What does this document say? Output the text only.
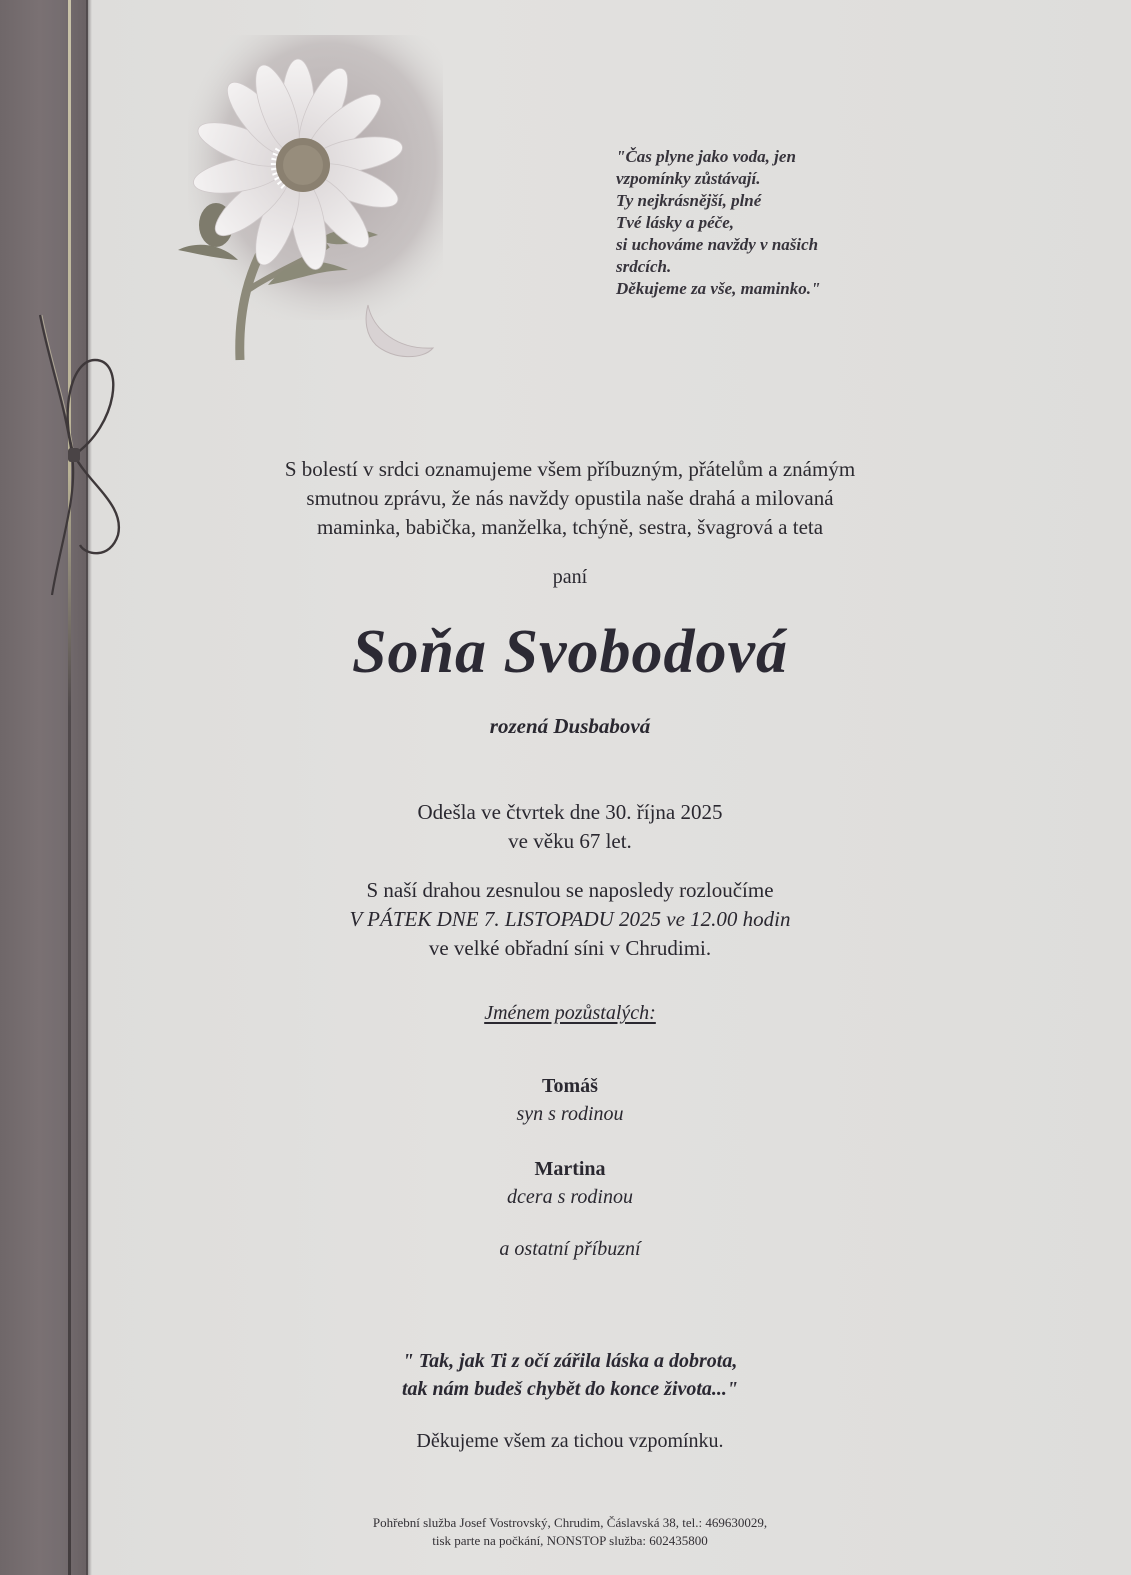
"Čas plyne jako voda, jen
vzpomínky zůstávají.
Ty nejkrásnější, plné
Tvé lásky a péče,
si uchováme navždy v našich
srdcích.
Děkujeme za vše, maminko."
S bolestí v srdci oznamujeme všem příbuzným, přátelům a známým
smutnou zprávu, že nás navždy opustila naše drahá a milovaná
maminka, babička, manželka, tchýně, sestra, švagrová a teta
paní
Soňa Svobodová
rozená Dusbabová
Odešla ve čtvrtek dne 30. října 2025
ve věku 67 let.
S naší drahou zesnulou se naposledy rozloučíme
V PÁTEK DNE 7. LISTOPADU 2025 ve 12.00 hodin
ve velké obřadní síni v Chrudimi.
Jménem pozůstalých:
Tomáš
syn s rodinou
Martina
dcera s rodinou
a ostatní příbuzní
" Tak, jak Ti z očí zářila láska a dobrota,
tak nám budeš chybět do konce života..."
Děkujeme všem za tichou vzpomínku.
Pohřební služba Josef Vostrovský, Chrudim, Čáslavská 38, tel.: 469630029,
tisk parte na počkání, NONSTOP služba: 602435800
